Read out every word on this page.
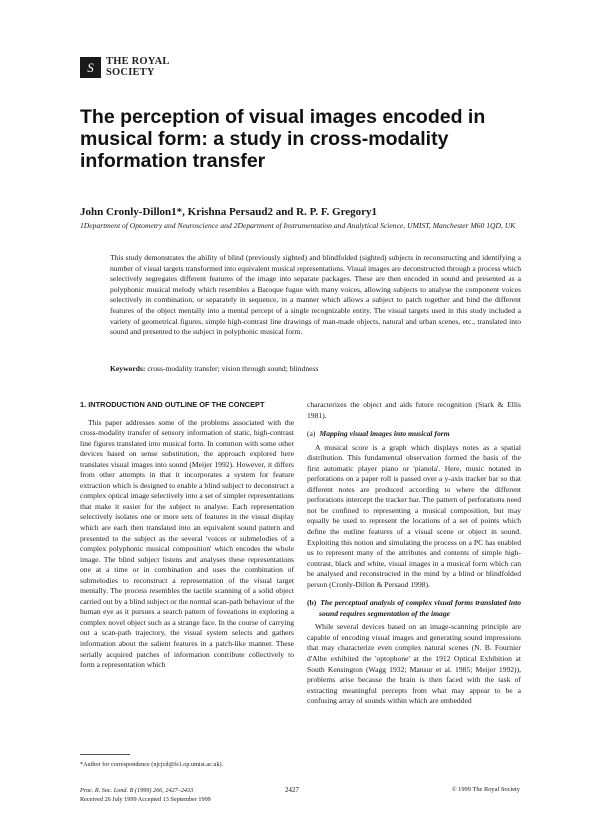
S	THE ROYAL
SOCIETY
The perception of visual images encoded in musical form: a study in cross-modality information transfer
John Cronly-Dillon1*, Krishna Persaud2 and R. P. F. Gregory1
1Department of Optometry and Neuroscience and 2Department of Instrumentation and Analytical Science, UMIST, Manchester M60 1QD, UK
This study demonstrates the ability of blind (previously sighted) and blindfolded (sighted) subjects in reconstructing and identifying a number of visual targets transformed into equivalent musical representations. Visual images are deconstructed through a process which selectively segregates different features of the image into separate packages. These are then encoded in sound and presented as a polyphonic musical melody which resembles a Baroque fugue with many voices, allowing subjects to analyse the component voices selectively in combination, or separately in sequence, in a manner which allows a subject to patch together and bind the different features of the object mentally into a mental percept of a single recognizable entity. The visual targets used in this study included a variety of geometrical figures, simple high-contrast line drawings of man-made objects, natural and urban scenes, etc., translated into sound and presented to the subject in polyphonic musical form.
Keywords: cross-modality transfer; vision through sound; blindness
1. INTRODUCTION AND OUTLINE OF THE CONCEPT

This paper addresses some of the problems associated with the cross-modality transfer of sensory information of static, high-contrast line figures translated into musical form. In common with some other devices based on sense substitution, the approach explored here translates visual images into sound (Meijer 1992). However, it differs from other attempts in that it incorporates a system for feature extraction which is designed to enable a blind subject to deconstruct a complex optical image selectively into a set of simpler representations that make it easier for the subject to analyse. Each representation selectively isolates one or more sets of features in the visual display which are each then translated into an equivalent sound pattern and presented to the subject as the several 'voices or submelodies of a complex polyphonic musical composition' which encodes the whole image. The blind subject listens and analyses these representations one at a time or in combination and uses the combination of submelodies to reconstruct a representation of the visual target mentally. The process resembles the tactile scanning of a solid object carried out by a blind subject or the normal scan-path behaviour of the human eye as it pursues a search pattern of foveations in exploring a complex novel object such as a strange face. In the course of carrying out a scan-path trajectory, the visual system selects and gathers information about the salient features in a patch-like manner. These serially acquired patches of information contribute collectively to form a representation which

characterizes the object and aids future recognition (Stark & Ellis 1981).

(a) Mapping visual images into musical form

A musical score is a graph which displays notes as a spatial distribution. This fundamental observation formed the basis of the first automatic player piano or 'pianola'. Here, music notated in perforations on a paper roll is passed over a y-axis tracker bar so that different notes are produced according to where the different perforations intercept the tracker bar. The pattern of perforations need not be confined to representing a musical composition, but may equally be used to represent the locations of a set of points which define the outline features of a visual scene or object in sound. Exploiting this notion and simulating the process on a PC has enabled us to represent many of the attributes and contents of simple high-contrast, black and white, visual images in a musical form which can be analysed and reconstructed in the mind by a blind or blindfolded person (Cronly-Dillon & Persaud 1998).

(b) The perceptual analysis of complex visual forms translated into sound requires segmentation of the image

While several devices based on an image-scanning principle are capable of encoding visual images and generating sound impressions that may characterize even complex natural scenes (N. B. Fournier d'Albe exhibited the 'optophone' at the 1912 Optical Exhibition at South Kensington (Wagg 1932; Mansur et al. 1985; Meijer 1992)), problems arise because the brain is then faced with the task of extracting meaningful percepts from what may appear to be a confusing array of sounds within which are embedded

*Author for correspondence (njcjcd@fs1.op.umist.ac.uk).
Proc. R. Soc. Lond. B (1999) 266, 2427–2433
Received 26 July 1999 Accepted 13 September 1999
2427	© 1999 The Royal Society
